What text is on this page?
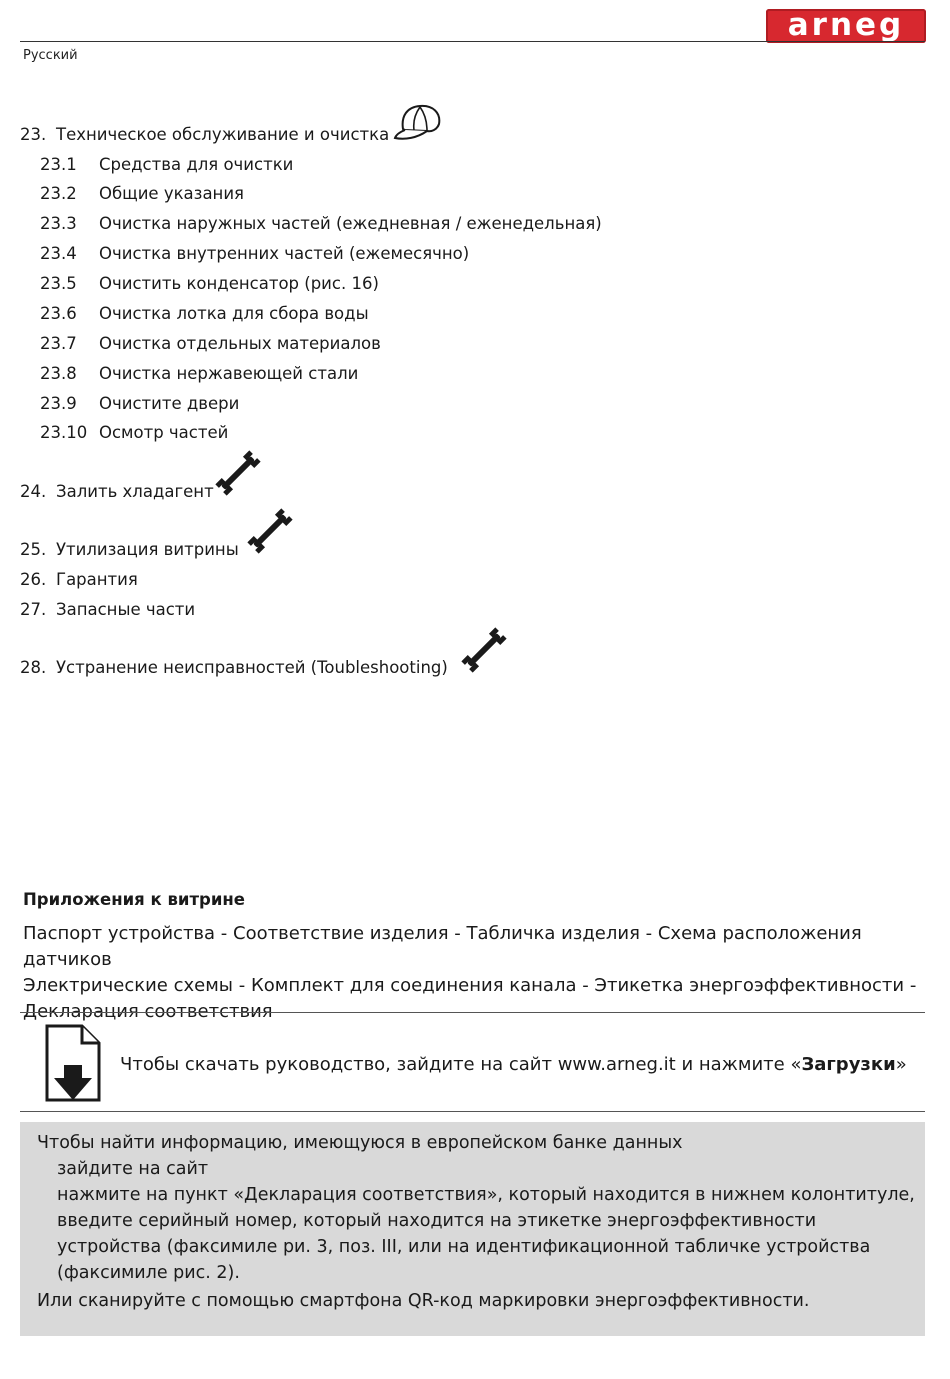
arneg
Русский
23. Техническое обслуживание и очистка
23.1 Средства для очистки
23.2 Общие указания
23.3 Очистка наружных частей (ежедневная / еженедельная)
23.4 Очистка внутренних частей (ежемесячно)
23.5 Очистить конденсатор (рис. 16)
23.6 Очистка лотка для сбора воды
23.7 Очистка отдельных материалов
23.8 Очистка нержавеющей стали
23.9 Очистите двери
23.10 Осмотр частей
24. Залить хладагент
25. Утилизация витрины
26. Гарантия
27. Запасные части
28. Устранение неисправностей (Toubleshooting)
Приложения к витрине
Паспорт устройства - Соответствие изделия - Табличка изделия - Схема расположения датчиков
Электрические схемы - Комплект для соединения канала - Этикетка энергоэффективности -
Декларация соответствия
Чтобы скачать руководство, зайдите на сайт www.arneg.it и нажмите «Загрузки»
Чтобы найти информацию, имеющуюся в европейском банке данных
зайдите на сайт
нажмите на пункт «Декларация соответствия», который находится в нижнем колонтитуле,
введите серийный номер, который находится на этикетке энергоэффективности
устройства (факсимиле ри. 3, поз. III, или на идентификационной табличке устройства
(факсимиле рис. 2).
Или сканируйте с помощью смартфона QR-код маркировки энергоэффективности.
